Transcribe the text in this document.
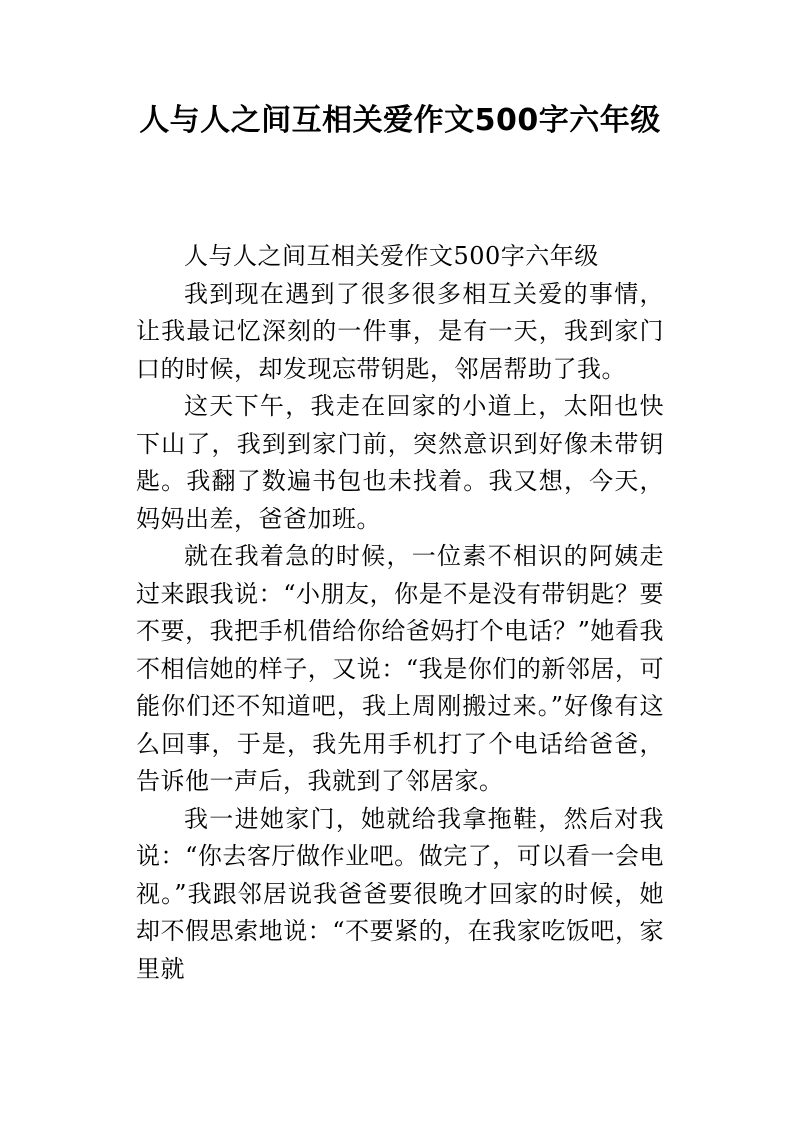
人与人之间互相关爱作文500字六年级

人与人之间互相关爱作文500字六年级

我到现在遇到了很多很多相互关爱的事情，让我最记忆深刻的一件事，是有一天，我到家门口的时候，却发现忘带钥匙，邻居帮助了我。

这天下午，我走在回家的小道上，太阳也快下山了，我到到家门前，突然意识到好像未带钥匙。我翻了数遍书包也未找着。我又想，今天，妈妈出差，爸爸加班。

就在我着急的时候，一位素不相识的阿姨走过来跟我说：“小朋友，你是不是没有带钥匙？要不要，我把手机借给你给爸妈打个电话？”她看我不相信她的样子，又说：“我是你们的新邻居，可能你们还不知道吧，我上周刚搬过来。”好像有这么回事，于是，我先用手机打了个电话给爸爸，告诉他一声后，我就到了邻居家。

我一进她家门，她就给我拿拖鞋，然后对我说：“你去客厅做作业吧。做完了，可以看一会电视。”我跟邻居说我爸爸要很晚才回家的时候，她却不假思索地说：“不要紧的，在我家吃饭吧，家里就
